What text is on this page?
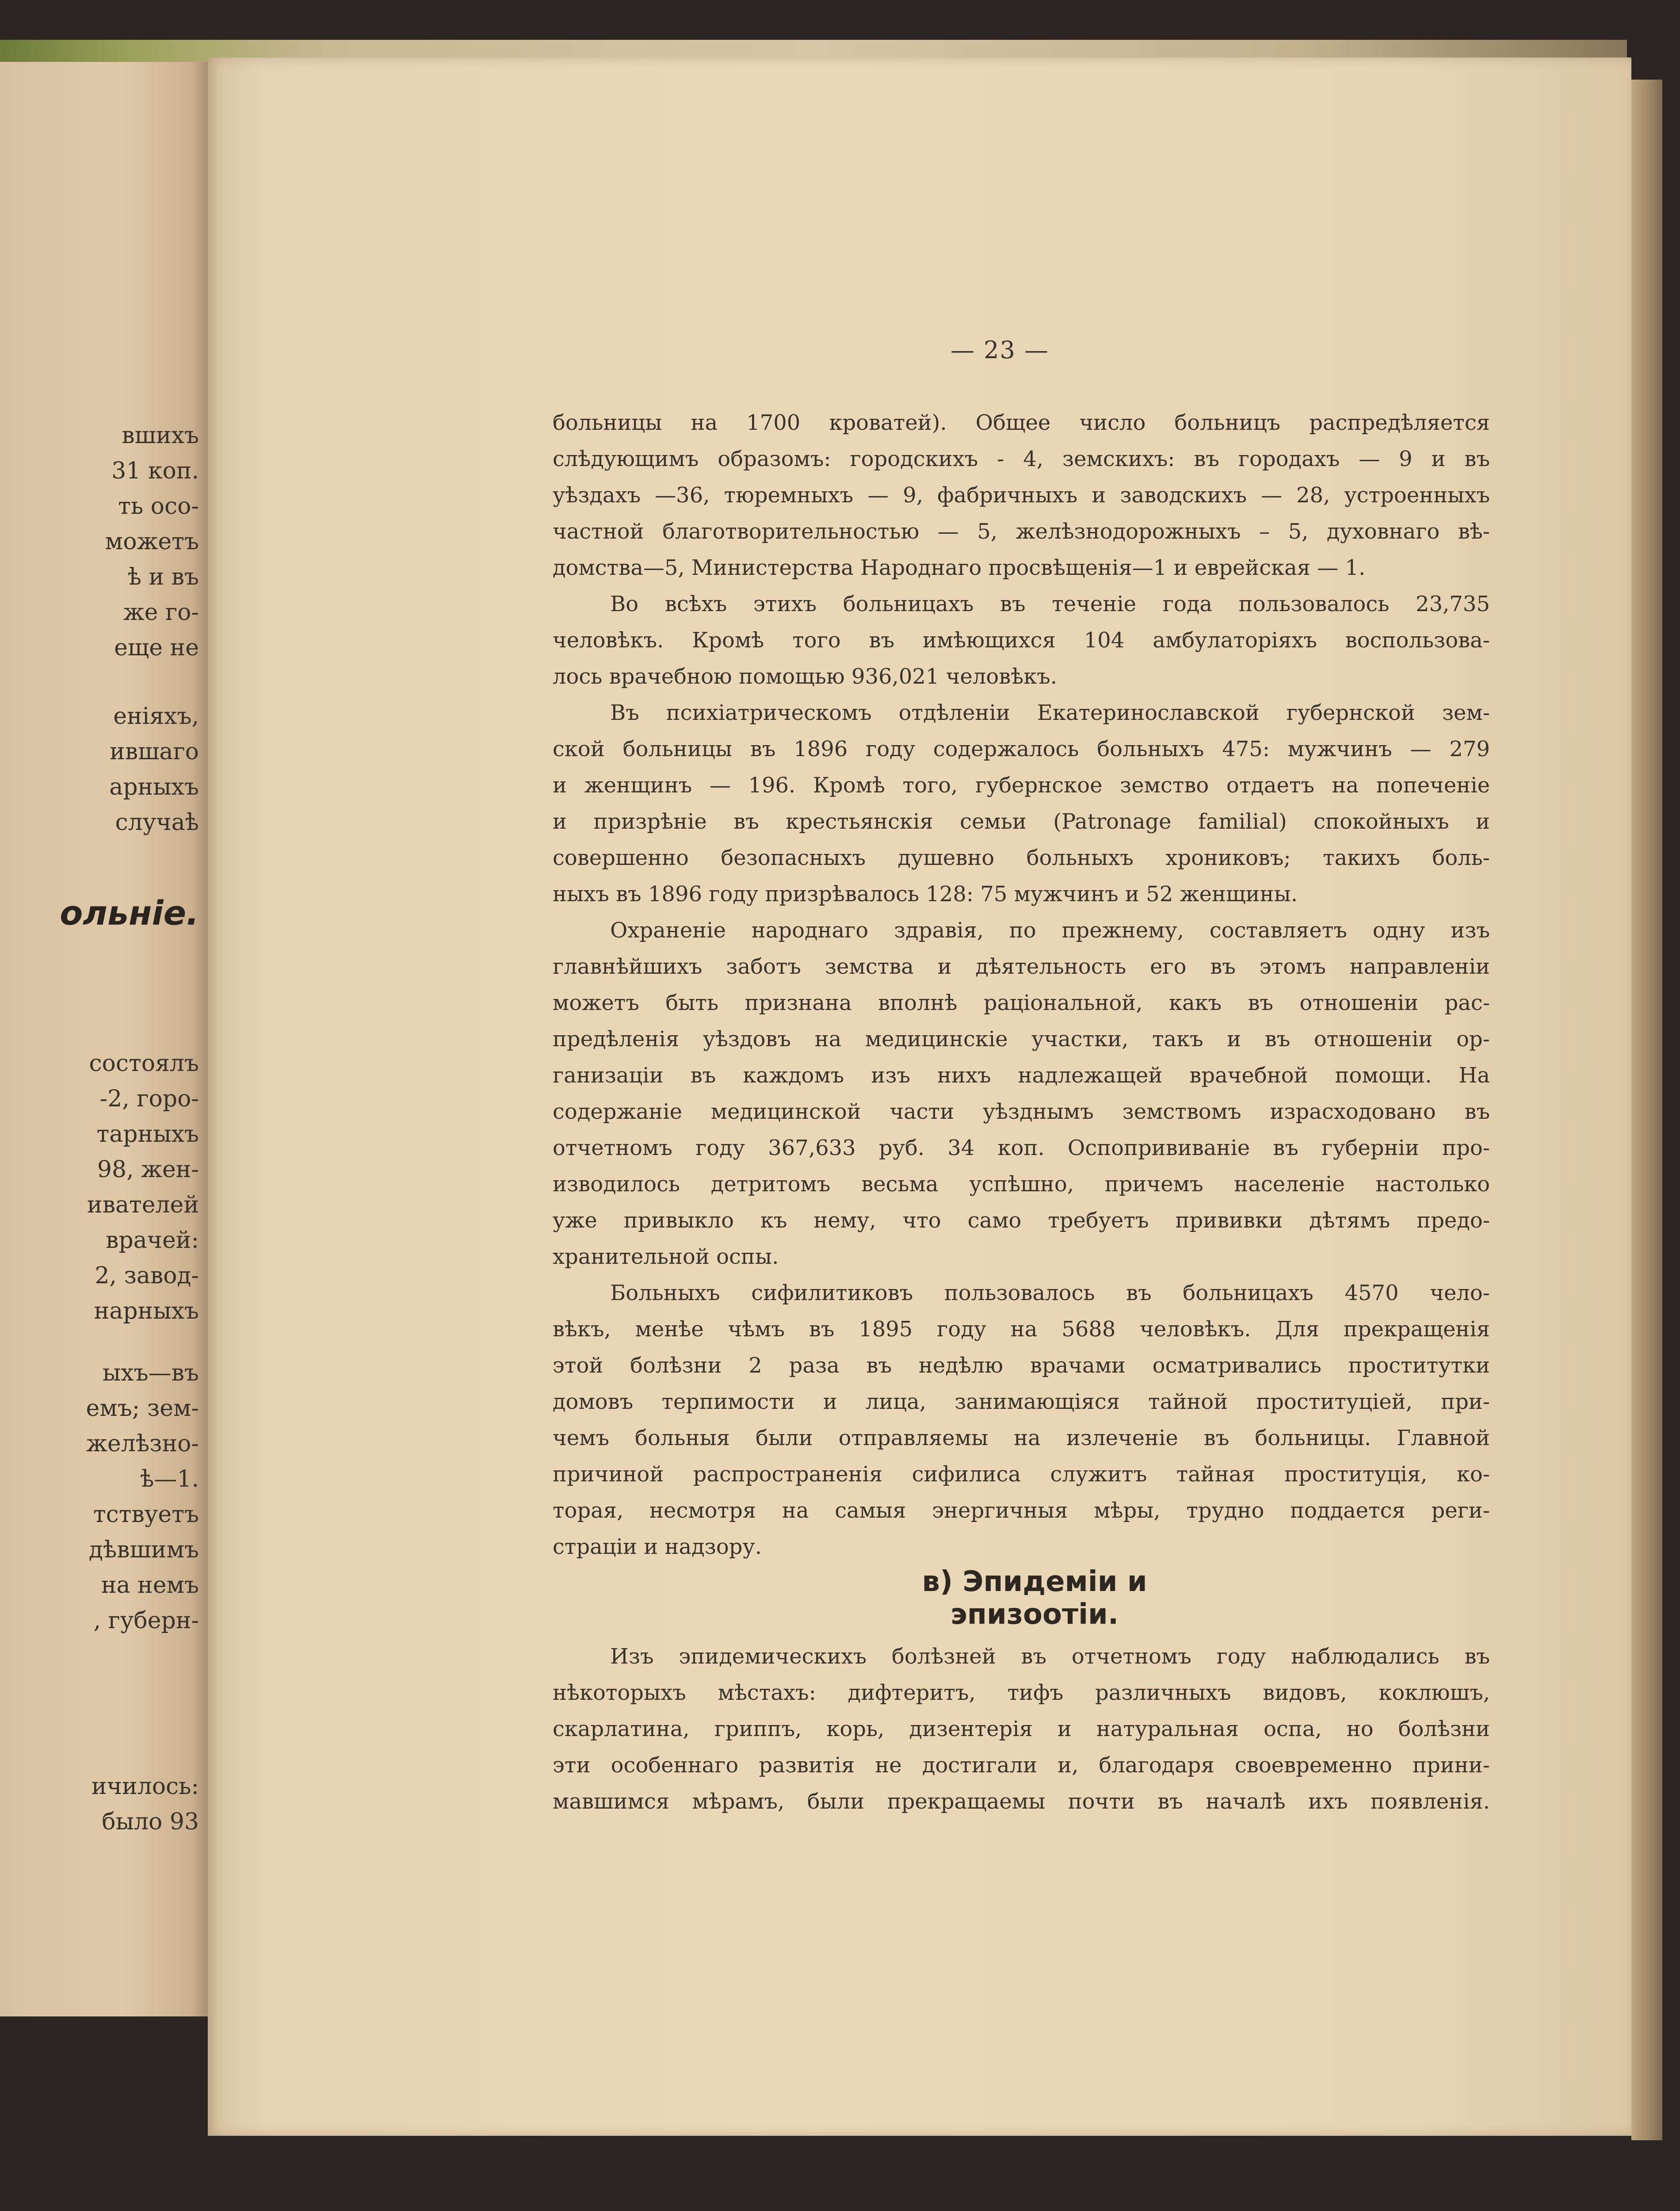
вшихъ
31 коп.
ть осо-
можетъ
ѣ и въ
же го-
еще не
еніяхъ,
ившаго
арныхъ
случаѣ
состоялъ
-2, горо-
тарныхъ
98, жен-
ивателей
врачей:
2, завод-
нарныхъ
ыхъ—въ
емъ; зем-
желѣзно-
ѣ—1.
тствуетъ
дѣвшимъ
на немъ
, губерн-
ичилось:
было 93
ольніе.
— 23 —
больницы на 1700 кроватей). Общее число больницъ распредѣляется
слѣдующимъ образомъ: городскихъ - 4, земскихъ: въ городахъ — 9 и въ
уѣздахъ —36, тюремныхъ — 9, фабричныхъ и заводскихъ — 28, устроенныхъ
частной благотворительностью — 5, желѣзнодорожныхъ – 5, духовнаго вѣ-
домства—5, Министерства Народнаго просвѣщенія—1 и еврейская — 1.
Во всѣхъ этихъ больницахъ въ теченіе года пользовалось 23,735
человѣкъ. Кромѣ того въ имѣющихся 104 амбулаторіяхъ воспользова-
лось врачебною помощью 936,021 человѣкъ.
Въ психіатрическомъ отдѣленіи Екатеринославской губернской зем-
ской больницы въ 1896 году содержалось больныхъ 475: мужчинъ — 279
и женщинъ — 196. Кромѣ того, губернское земство отдаетъ на попеченіе
и призрѣніе въ крестьянскія семьи (Patronage familial) спокойныхъ и
совершенно безопасныхъ душевно больныхъ хрониковъ; такихъ боль-
ныхъ въ 1896 году призрѣвалось 128: 75 мужчинъ и 52 женщины.
Охраненіе народнаго здравія, по прежнему, составляетъ одну изъ
главнѣйшихъ заботъ земства и дѣятельность его въ этомъ направленіи
можетъ быть признана вполнѣ раціональной, какъ въ отношеніи рас-
предѣленія уѣздовъ на медицинскіе участки, такъ и въ отношеніи ор-
ганизаціи въ каждомъ изъ нихъ надлежащей врачебной помощи. На
содержаніе медицинской части уѣзднымъ земствомъ израсходовано въ
отчетномъ году 367,633 руб. 34 коп. Оспопрививаніе въ губерніи про-
изводилось детритомъ весьма успѣшно, причемъ населеніе настолько
уже привыкло къ нему, что само требуетъ прививки дѣтямъ предо-
хранительной оспы.
Больныхъ сифилитиковъ пользовалось въ больницахъ 4570 чело-
вѣкъ, менѣе чѣмъ въ 1895 году на 5688 человѣкъ. Для прекращенія
этой болѣзни 2 раза въ недѣлю врачами осматривались проститутки
домовъ терпимости и лица, занимающіяся тайной проституціей, при-
чемъ больныя были отправляемы на излеченіе въ больницы. Главной
причиной распространенія сифилиса служитъ тайная проституція, ко-
торая, несмотря на самыя энергичныя мѣры, трудно поддается реги-
страціи и надзору.
в) Эпидеміи и эпизоотіи.
Изъ эпидемическихъ болѣзней въ отчетномъ году наблюдались въ
нѣкоторыхъ мѣстахъ: дифтеритъ, тифъ различныхъ видовъ, коклюшъ,
скарлатина, гриппъ, корь, дизентерія и натуральная оспа, но болѣзни
эти особеннаго развитія не достигали и, благодаря своевременно прини-
мавшимся мѣрамъ, были прекращаемы почти въ началѣ ихъ появленія.
